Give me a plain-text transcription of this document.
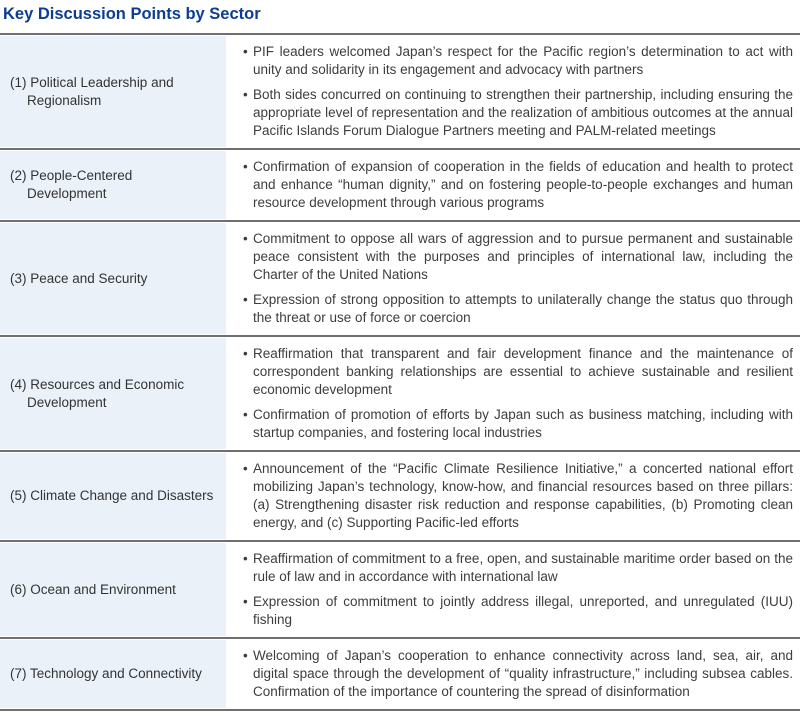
Key Discussion Points by Sector
(1) Political Leadership and Regionalism
• PIF leaders welcomed Japan’s respect for the Pacific region’s determination to act with unity and solidarity in its engagement and advocacy with partners
• Both sides concurred on continuing to strengthen their partnership, including ensuring the appropriate level of representation and the realization of ambitious outcomes at the annual Pacific Islands Forum Dialogue Partners meeting and PALM-related meetings
(2) People-Centered Development
• Confirmation of expansion of cooperation in the fields of education and health to protect and enhance “human dignity,” and on fostering people-to-people exchanges and human resource development through various programs
(3) Peace and Security
• Commitment to oppose all wars of aggression and to pursue permanent and sustainable peace consistent with the purposes and principles of international law, including the Charter of the United Nations
• Expression of strong opposition to attempts to unilaterally change the status quo through the threat or use of force or coercion
(4) Resources and Economic Development
• Reaffirmation that transparent and fair development finance and the maintenance of correspondent banking relationships are essential to achieve sustainable and resilient economic development
• Confirmation of promotion of efforts by Japan such as business matching, including with startup companies, and fostering local industries
(5) Climate Change and Disasters
• Announcement of the “Pacific Climate Resilience Initiative,” a concerted national effort mobilizing Japan’s technology, know-how, and financial resources based on three pillars: (a) Strengthening disaster risk reduction and response capabilities, (b) Promoting clean energy, and (c) Supporting Pacific-led efforts
(6) Ocean and Environment
• Reaffirmation of commitment to a free, open, and sustainable maritime order based on the rule of law and in accordance with international law
• Expression of commitment to jointly address illegal, unreported, and unregulated (IUU) fishing
(7) Technology and Connectivity
• Welcoming of Japan’s cooperation to enhance connectivity across land, sea, air, and digital space through the development of “quality infrastructure,” including subsea cables. Confirmation of the importance of countering the spread of disinformation
